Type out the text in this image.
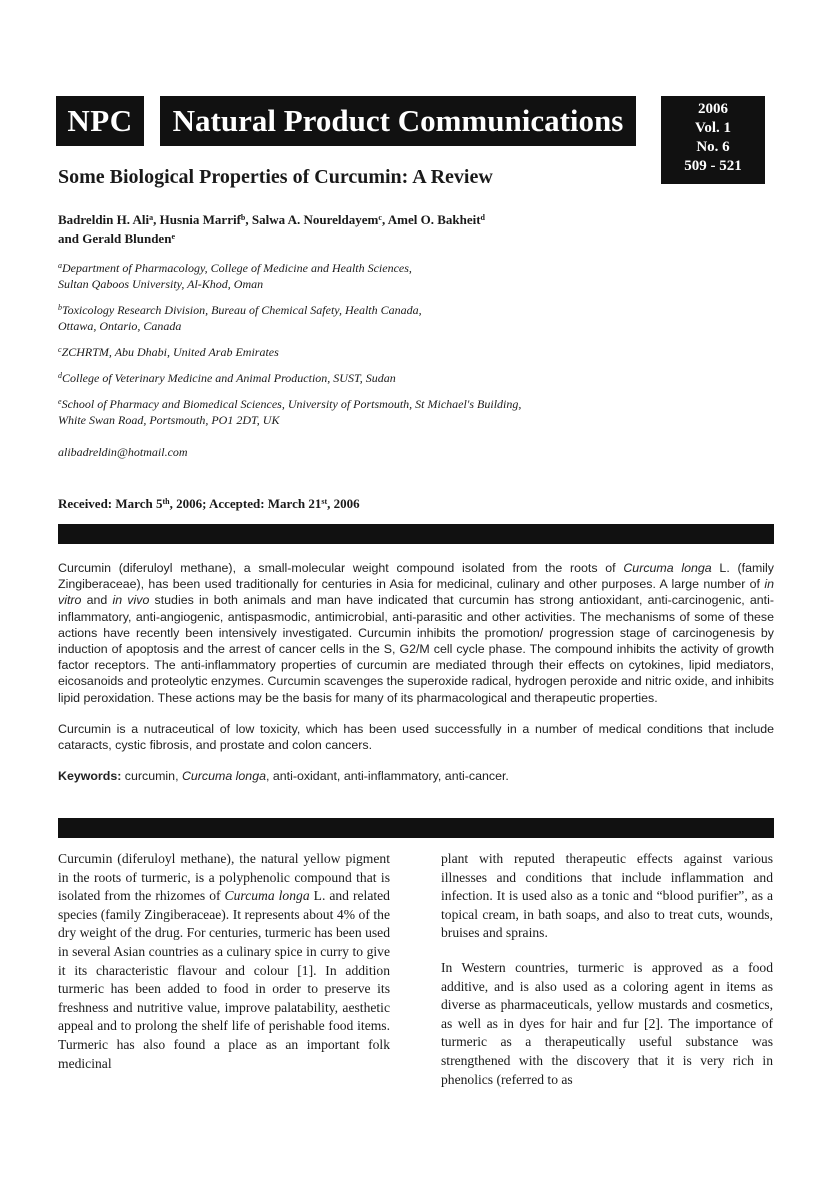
NPC Natural Product Communications	2006
Vol. 1
No. 6
509 - 521
Some Biological Properties of Curcumin: A Review
Badreldin H. Ali$^a$, Husnia Marrif$^b$, Salwa A. Noureldayem$^c$, Amel O. Bakheit$^d$
and Gerald Blunden$^e$
$^a$Department of Pharmacology, College of Medicine and Health Sciences,
Sultan Qaboos University, Al-Khod, Oman
$^b$Toxicology Research Division, Bureau of Chemical Safety, Health Canada,
Ottawa, Ontario, Canada
$^c$ZCHRTM, Abu Dhabi, United Arab Emirates
$^d$College of Veterinary Medicine and Animal Production, SUST, Sudan
$^e$School of Pharmacy and Biomedical Sciences, University of Portsmouth, St Michael's Building,
White Swan Road, Portsmouth, PO1 2DT, UK
alibadreldin@hotmail.com
Received: March 5th, 2006; Accepted: March 21st, 2006

Curcumin (diferuloyl methane), a small-molecular weight compound isolated from the roots of Curcuma longa L. (family Zingiberaceae), has been used traditionally for centuries in Asia for medicinal, culinary and other purposes. A large number of in vitro and in vivo studies in both animals and man have indicated that curcumin has strong antioxidant, anti-carcinogenic, anti-inflammatory, anti-angiogenic, antispasmodic, antimicrobial, anti-parasitic and other activities. The mechanisms of some of these actions have recently been intensively investigated. Curcumin inhibits the promotion/ progression stage of carcinogenesis by induction of apoptosis and the arrest of cancer cells in the S, G2/M cell cycle phase. The compound inhibits the activity of growth factor receptors. The anti-inflammatory properties of curcumin are mediated through their effects on cytokines, lipid mediators, eicosanoids and proteolytic enzymes. Curcumin scavenges the superoxide radical, hydrogen peroxide and nitric oxide, and inhibits lipid peroxidation. These actions may be the basis for many of its pharmacological and therapeutic properties.

Curcumin is a nutraceutical of low toxicity, which has been used successfully in a number of medical conditions that include cataracts, cystic fibrosis, and prostate and colon cancers.

Keywords: curcumin, Curcuma longa, anti-oxidant, anti-inflammatory, anti-cancer.

Curcumin (diferuloyl methane), the natural yellow pigment in the roots of turmeric, is a polyphenolic compound that is isolated from the rhizomes of Curcuma longa L. and related species (family Zingiberaceae). It represents about 4% of the dry weight of the drug. For centuries, turmeric has been used in several Asian countries as a culinary spice in curry to give it its characteristic flavour and colour [1]. In addition turmeric has been added to food in order to preserve its freshness and nutritive value, improve palatability, aesthetic appeal and to prolong the shelf life of perishable food items. Turmeric has also found a place as an important folk medicinal

plant with reputed therapeutic effects against various illnesses and conditions that include inflammation and infection. It is used also as a tonic and “blood purifier”, as a topical cream, in bath soaps, and also to treat cuts, wounds, bruises and sprains.

In Western countries, turmeric is approved as a food additive, and is also used as a coloring agent in items as diverse as pharmaceuticals, yellow mustards and cosmetics, as well as in dyes for hair and fur [2]. The importance of turmeric as a therapeutically useful substance was strengthened with the discovery that it is very rich in phenolics (referred to as
